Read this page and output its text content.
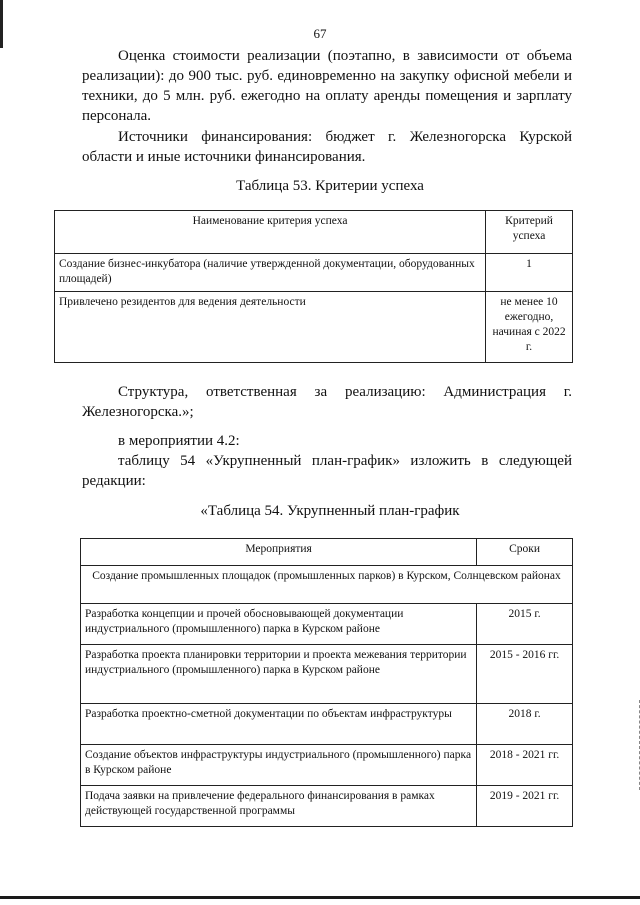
67

Оценка стоимости реализации (поэтапно, в зависимости от объема реализации): до 900 тыс. руб. единовременно на закупку офисной мебели и техники, до 5 млн. руб. ежегодно на оплату аренды помещения и зарплату персонала.

Источники финансирования: бюджет г. Железногорска Курской области и иные источники финансирования.

Таблица 53. Критерии успеха
Наименование критерия успеха	Критерий успеха
Создание бизнес-инкубатора (наличие утвержденной документации, оборудованных площадей)	1
Привлечено резидентов для ведения деятельности	не менее 10 ежегодно, начиная с 2022 г.

Структура, ответственная за реализацию: Администрация г. Железногорска.»;

в мероприятии 4.2:

таблицу 54 «Укрупненный план-график» изложить в следующей редакции:

«Таблица 54. Укрупненный план-график
Мероприятия	Сроки
Создание промышленных площадок (промышленных парков) в Курском, Солнцевском районах	
Разработка концепции и прочей обосновывающей документации индустриального (промышленного) парка в Курском районе	2015 г.
Разработка проекта планировки территории и проекта межевания территории индустриального (промышленного) парка в Курском районе	2015 - 2016 гг.
Разработка проектно-сметной документации по объектам инфраструктуры	2018 г.
Создание объектов инфраструктуры индустриального (промышленного) парка в Курском районе	2018 - 2021 гг.
Подача заявки на привлечение федерального финансирования в рамках действующей государственной программы	2019 - 2021 гг.
